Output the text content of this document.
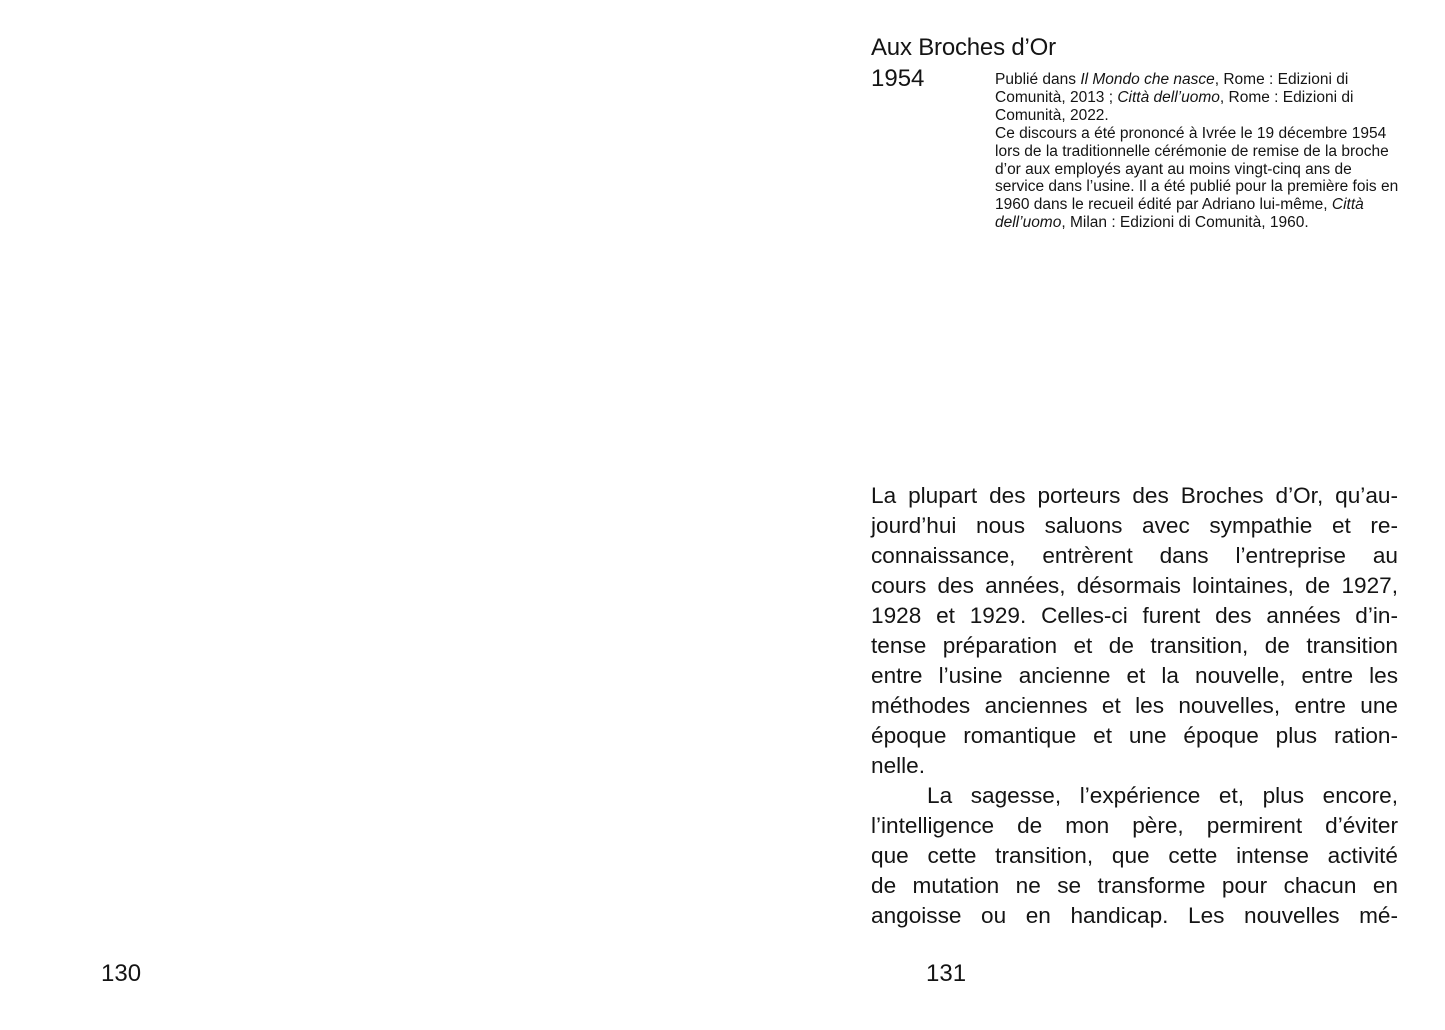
130

Aux Broches d’Or

1954	Publié dans Il Mondo che nasce, Rome : Edizioni di Comunità, 2013 ; Città dell’uomo, Rome : Edizioni di Comunità, 2022.

Ce discours a été prononcé à Ivrée le 19 décembre 1954 lors de la traditionnelle cérémonie de remise de la broche d’or aux employés ayant au moins vingt-cinq ans de service dans l’usine. Il a été publié pour la première fois en 1960 dans le recueil édité par Adriano lui-même, Città dell’uomo, Milan : Edizioni di Comunità, 1960.

La plupart des porteurs des Broches d’Or, qu’au-
jourd’hui nous saluons avec sympathie et re-
connaissance, entrèrent dans l’entreprise au
cours des années, désormais lointaines, de 1927,
1928 et 1929. Celles-ci furent des années d’in-
tense préparation et de transition, de transition
entre l’usine ancienne et la nouvelle, entre les
méthodes anciennes et les nouvelles, entre une
époque romantique et une époque plus ration-
nelle.

La sagesse, l’expérience et, plus encore,
l’intelligence de mon père, permirent d’éviter
que cette transition, que cette intense activité
de mutation ne se transforme pour chacun en
angoisse ou en handicap. Les nouvelles mé-

131
